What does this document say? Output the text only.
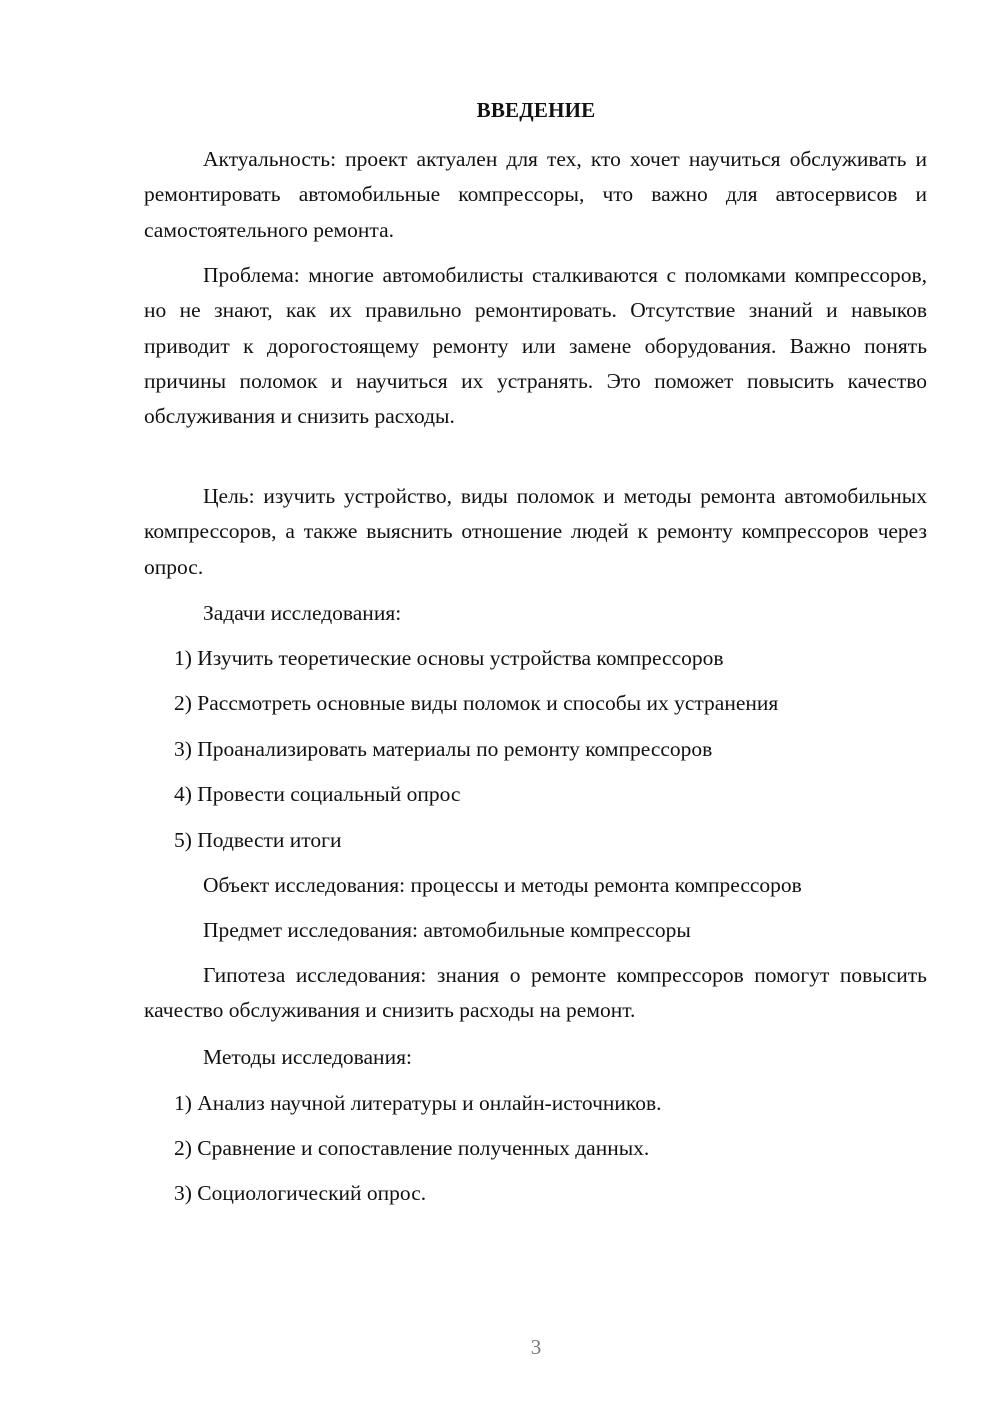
ВВЕДЕНИЕ

Актуальность: проект актуален для тех, кто хочет научиться обслуживать и ремонтировать автомобильные компрессоры, что важно для автосервисов и самостоятельного ремонта.

Проблема: многие автомобилисты сталкиваются с поломками компрессоров, но не знают, как их правильно ремонтировать. Отсутствие знаний и навыков приводит к дорогостоящему ремонту или замене оборудования. Важно понять причины поломок и научиться их устранять. Это поможет повысить качество обслуживания и снизить расходы.

Цель: изучить устройство, виды поломок и методы ремонта автомобильных компрессоров, а также выяснить отношение людей к ремонту компрессоров через опрос.

Задачи исследования:

1) Изучить теоретические основы устройства компрессоров

2) Рассмотреть основные виды поломок и способы их устранения

3) Проанализировать материалы по ремонту компрессоров

4) Провести социальный опрос

5) Подвести итоги

Объект исследования: процессы и методы ремонта компрессоров

Предмет исследования: автомобильные компрессоры

Гипотеза исследования: знания о ремонте компрессоров помогут повысить качество обслуживания и снизить расходы на ремонт.

Методы исследования:

1) Анализ научной литературы и онлайн-источников.

2) Сравнение и сопоставление полученных данных.

3) Социологический опрос.

3
